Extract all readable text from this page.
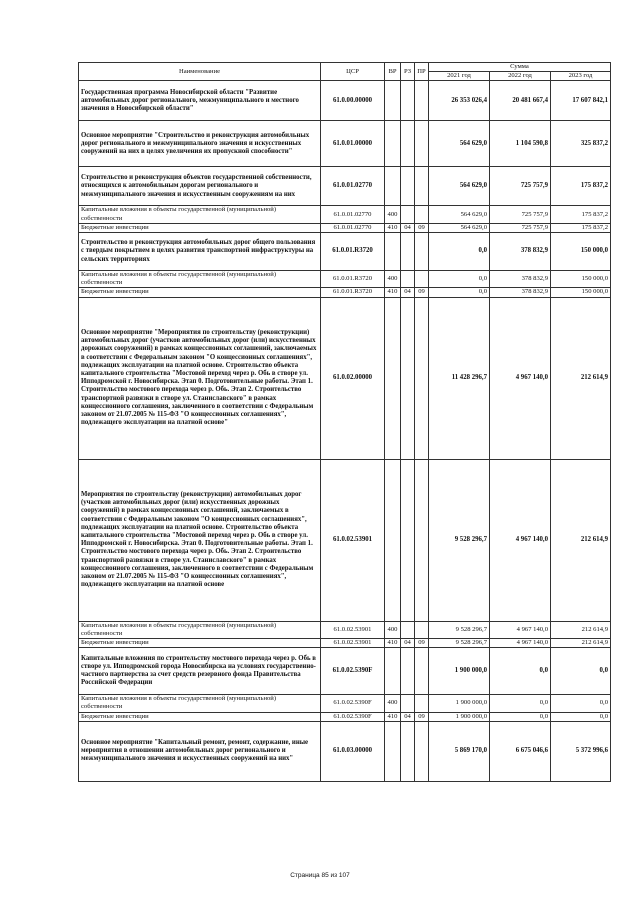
Наименование	ЦСР	ВР	РЗ	ПР	Сумма		
					2021 год	2022 год	2023 год
Государственная программа Новосибирской области "Развитие автомобильных дорог регионального, межмуниципального и местного значения в Новосибирской области"	61.0.00.00000				26 353 026,4	20 481 667,4	17 607 842,1
Основное мероприятие "Строительство и реконструкция автомобильных дорог регионального и межмуниципального значения и искусственных сооружений на них в целях увеличения их пропускной способности"	61.0.01.00000				564 629,0	1 104 590,8	325 837,2
Строительство и реконструкция объектов государственной собственности, относящихся к автомобильным дорогам регионального и межмуниципального значения и искусственным сооружениям на них	61.0.01.02770				564 629,0	725 757,9	175 837,2
Капитальные вложения в объекты государственной (муниципальной) собственности	61.0.01.02770	400			564 629,0	725 757,9	175 837,2
Бюджетные инвестиции	61.0.01.02770	410	04	09	564 629,0	725 757,9	175 837,2
Строительство и реконструкция автомобильных дорог общего пользования с твердым покрытием в целях развития транспортной инфраструктуры на сельских территориях	61.0.01.R3720				0,0	378 832,9	150 000,0
Капитальные вложения в объекты государственной (муниципальной) собственности	61.0.01.R3720	400			0,0	378 832,9	150 000,0
Бюджетные инвестиции	61.0.01.R3720	410	04	09	0,0	378 832,9	150 000,0
Основное мероприятие "Мероприятия по строительству (реконструкции) автомобильных дорог (участков автомобильных дорог (или) искусственных дорожных сооружений) в рамках концессионных соглашений, заключаемых в соответствии с Федеральным законом "О концессионных соглашениях", подлежащих эксплуатации на платной основе. Строительство объекта капитального строительства "Мостовой переход через р. Обь в створе ул. Ипподромской г. Новосибирска. Этап 0. Подготовительные работы. Этап 1. Строительство мостового перехода через р. Обь. Этап 2. Строительство транспортной развязки в створе ул. Станиславского" в рамках концессионного соглашения, заключенного в соответствии с Федеральным законом от 21.07.2005 № 115-ФЗ "О концессионных соглашениях", подлежащего эксплуатации на платной основе"	61.0.02.00000				11 428 296,7	4 967 140,0	212 614,9
Мероприятия по строительству (реконструкции) автомобильных дорог (участков автомобильных дорог (или) искусственных дорожных сооружений) в рамках концессионных соглашений, заключаемых в соответствии с Федеральным законом "О концессионных соглашениях", подлежащих эксплуатации на платной основе. Строительство объекта капитального строительства "Мостовой переход через р. Обь в створе ул. Ипподромской г. Новосибирска. Этап 0. Подготовительные работы. Этап 1. Строительство мостового перехода через р. Обь. Этап 2. Строительство транспортной развязки в створе ул. Станиславского" в рамках концессионного соглашения, заключенного в соответствии с Федеральным законом от 21.07.2005 № 115-ФЗ "О концессионных соглашениях", подлежащего эксплуатации на платной основе	61.0.02.53901				9 528 296,7	4 967 140,0	212 614,9
Капитальные вложения в объекты государственной (муниципальной) собственности	61.0.02.53901	400			9 528 296,7	4 967 140,0	212 614,9
Бюджетные инвестиции	61.0.02.53901	410	04	09	9 528 296,7	4 967 140,0	212 614,9
Капитальные вложения по строительству мостового перехода через р. Обь в створе ул. Ипподромской города Новосибирска на условиях государственно-частного партнерства за счет средств резервного фонда Правительства Российской Федерации	61.0.02.5390F				1 900 000,0	0,0	0,0
Капитальные вложения в объекты государственной (муниципальной) собственности	61.0.02.5390F	400			1 900 000,0	0,0	0,0
Бюджетные инвестиции	61.0.02.5390F	410	04	09	1 900 000,0	0,0	0,0
Основное мероприятие "Капитальный ремонт, ремонт, содержание, иные мероприятия в отношении автомобильных дорог регионального и межмуниципального значения и искусственных сооружений на них"	61.0.03.00000				5 869 170,0	6 675 046,6	5 372 996,6
Страница 85 из 107
